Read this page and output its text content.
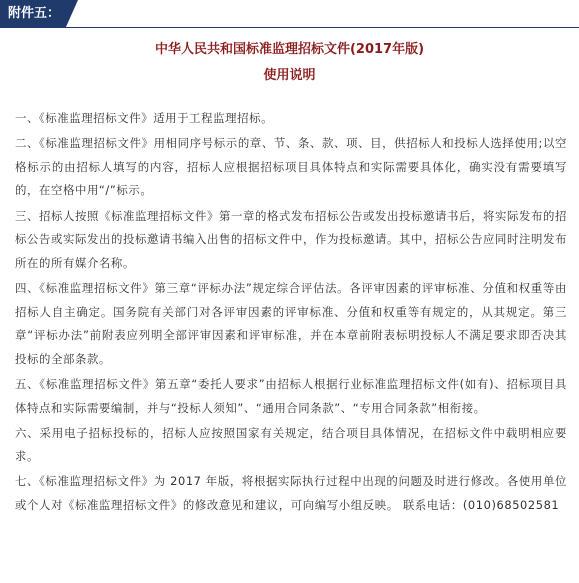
附件五：
中华人民共和国标准监理招标文件(2017年版)
使用说明

一、《标准监理招标文件》适用于工程监理招标。

二、《标准监理招标文件》用相同序号标示的章、节、条、款、项、目，供招标人和投标人选择使用;以空格标示的由招标人填写的内容，招标人应根据招标项目具体特点和实际需要具体化，确实没有需要填写的，在空格中用“/”标示。

三、招标人按照《标准监理招标文件》第一章的格式发布招标公告或发出投标邀请书后，将实际发布的招标公告或实际发出的投标邀请书编入出售的招标文件中，作为投标邀请。其中，招标公告应同时注明发布所在的所有媒介名称。

四、《标准监理招标文件》第三章“评标办法”规定综合评估法。各评审因素的评审标准、分值和权重等由招标人自主确定。国务院有关部门对各评审因素的评审标准、分值和权重等有规定的，从其规定。第三章“评标办法”前附表应列明全部评审因素和评审标准，并在本章前附表标明投标人不满足要求即否决其投标的全部条款。

五、《标准监理招标文件》第五章“委托人要求”由招标人根据行业标准监理招标文件(如有)、招标项目具体特点和实际需要编制，并与“投标人须知”、“通用合同条款”、“专用合同条款”相衔接。

六、采用电子招标投标的，招标人应按照国家有关规定，结合项目具体情况，在招标文件中载明相应要求。

七、《标准监理招标文件》为 2017 年版，将根据实际执行过程中出现的问题及时进行修改。各使用单位或个人对《标准监理招标文件》的修改意见和建议，可向编写小组反映。 联系电话：(010)68502581
